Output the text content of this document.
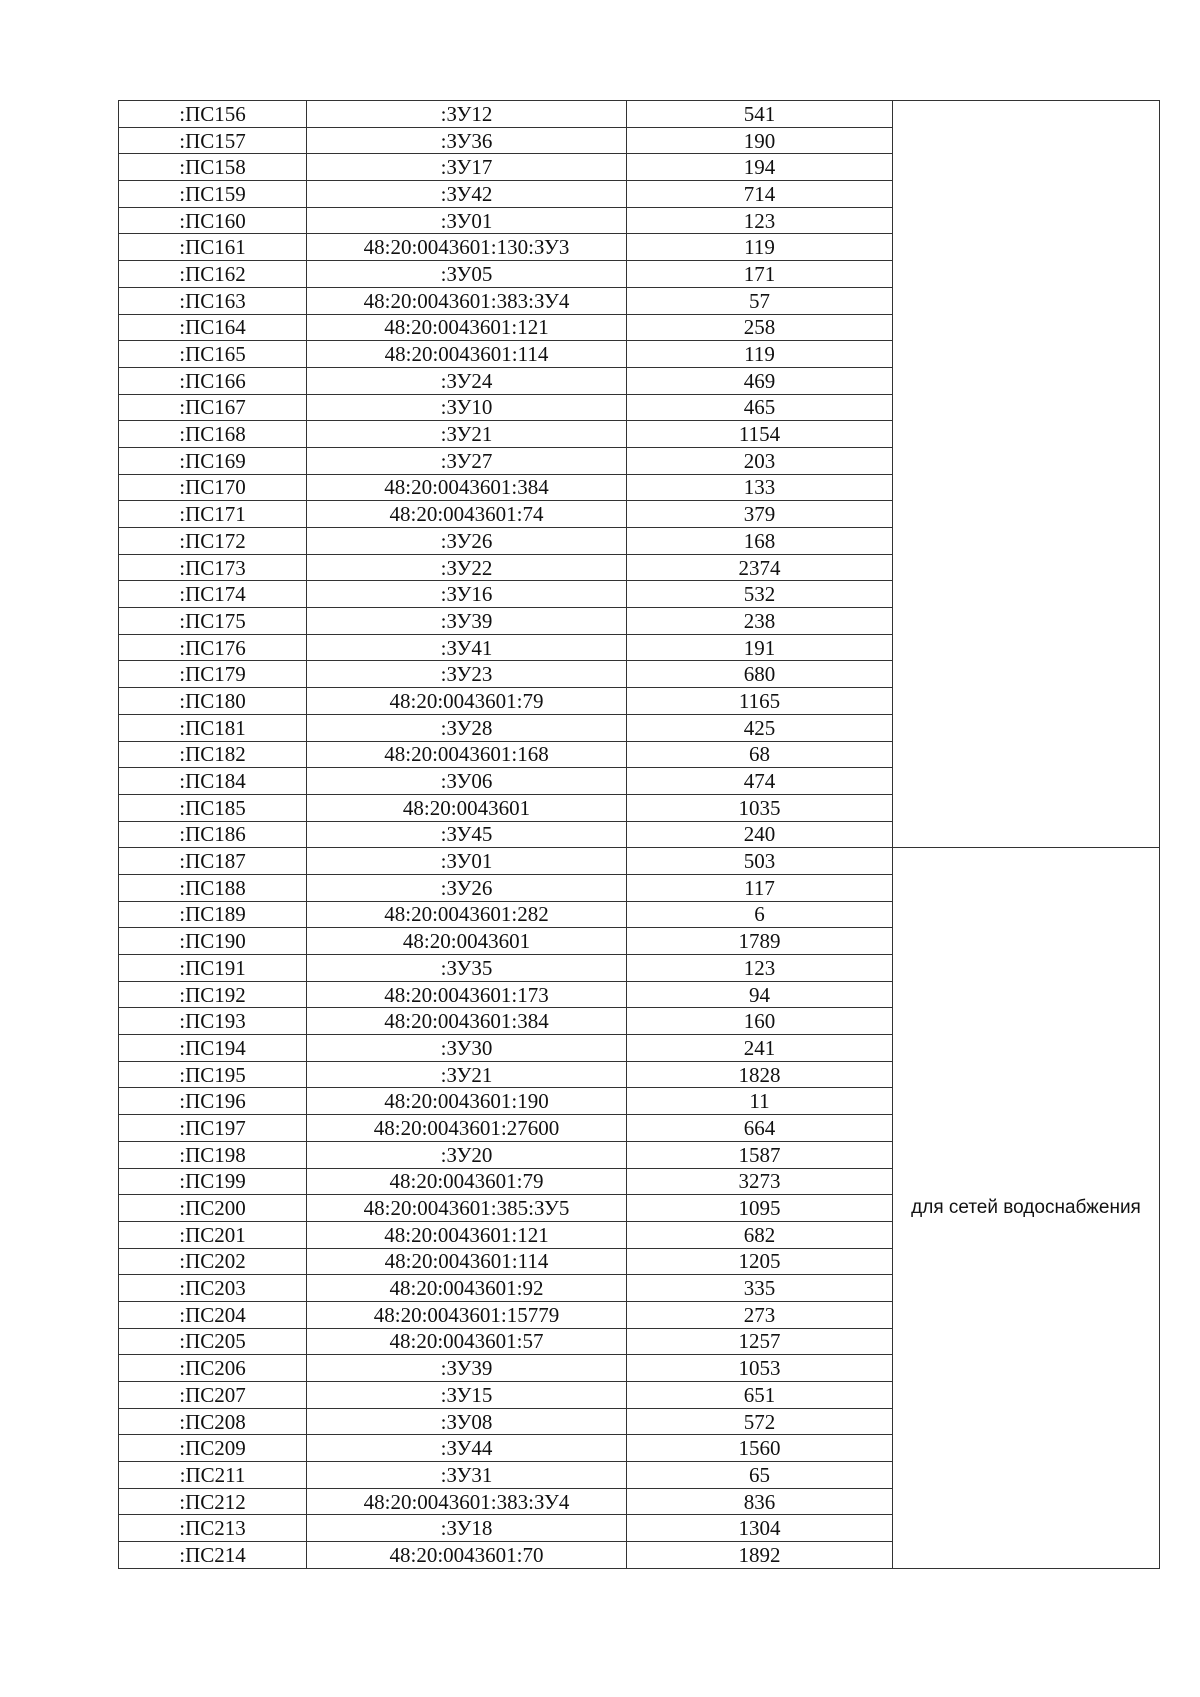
:ПС156	:ЗУ12	541	
:ПС157	:ЗУ36	190	
:ПС158	:ЗУ17	194	
:ПС159	:ЗУ42	714	
:ПС160	:ЗУ01	123	
:ПС161	48:20:0043601:130:ЗУ3	119	
:ПС162	:ЗУ05	171	
:ПС163	48:20:0043601:383:ЗУ4	57	
:ПС164	48:20:0043601:121	258	
:ПС165	48:20:0043601:114	119	
:ПС166	:ЗУ24	469	
:ПС167	:ЗУ10	465	
:ПС168	:ЗУ21	1154	
:ПС169	:ЗУ27	203	
:ПС170	48:20:0043601:384	133	
:ПС171	48:20:0043601:74	379	
:ПС172	:ЗУ26	168	
:ПС173	:ЗУ22	2374	
:ПС174	:ЗУ16	532	
:ПС175	:ЗУ39	238	
:ПС176	:ЗУ41	191	
:ПС179	:ЗУ23	680	
:ПС180	48:20:0043601:79	1165	
:ПС181	:ЗУ28	425	
:ПС182	48:20:0043601:168	68	
:ПС184	:ЗУ06	474	
:ПС185	48:20:0043601	1035	
:ПС186	:ЗУ45	240	
:ПС187	:ЗУ01	503	для сетей водоснабжения

:ПС188	:ЗУ26	117	
:ПС189	48:20:0043601:282	6	
:ПС190	48:20:0043601	1789	
:ПС191	:ЗУ35	123	
:ПС192	48:20:0043601:173	94	
:ПС193	48:20:0043601:384	160	
:ПС194	:ЗУ30	241	
:ПС195	:ЗУ21	1828	
:ПС196	48:20:0043601:190	11	
:ПС197	48:20:0043601:27600	664	
:ПС198	:ЗУ20	1587	
:ПС199	48:20:0043601:79	3273	
:ПС200	48:20:0043601:385:ЗУ5	1095	
:ПС201	48:20:0043601:121	682	
:ПС202	48:20:0043601:114	1205	
:ПС203	48:20:0043601:92	335	
:ПС204	48:20:0043601:15779	273	
:ПС205	48:20:0043601:57	1257	
:ПС206	:ЗУ39	1053	
:ПС207	:ЗУ15	651	
:ПС208	:ЗУ08	572	
:ПС209	:ЗУ44	1560	
:ПС211	:ЗУ31	65	
:ПС212	48:20:0043601:383:ЗУ4	836	
:ПС213	:ЗУ18	1304	
:ПС214	48:20:0043601:70	1892	
